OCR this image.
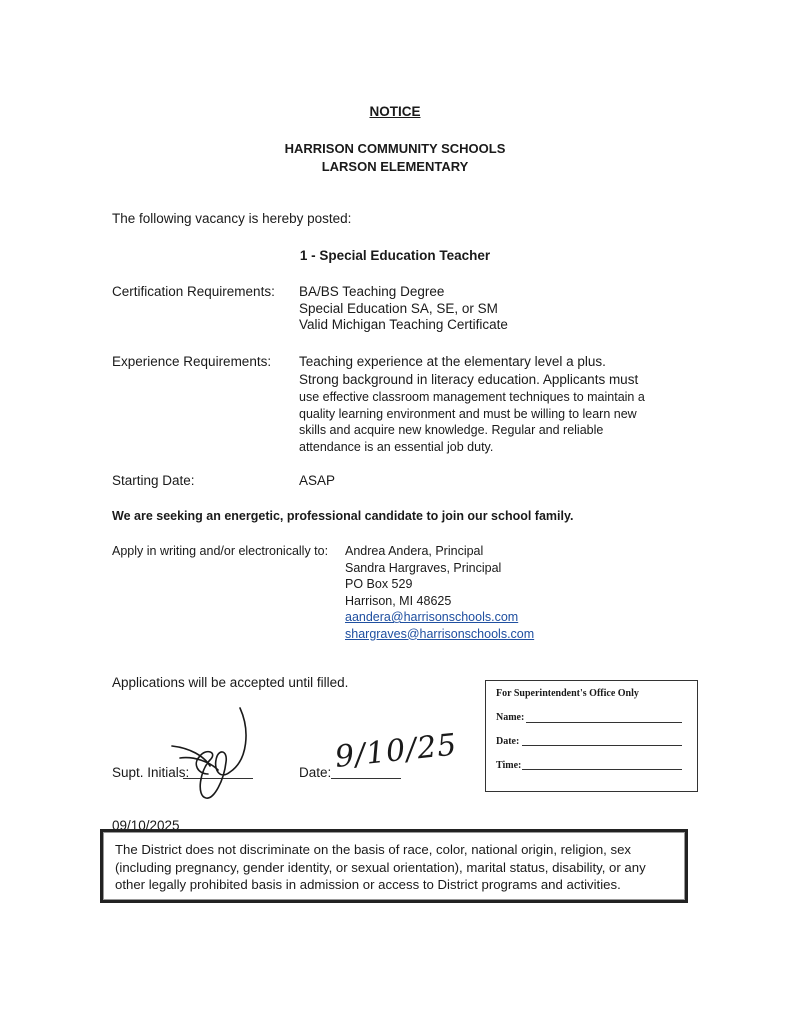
NOTICE
HARRISON COMMUNITY SCHOOLS
LARSON ELEMENTARY
The following vacancy is hereby posted:
1 - Special Education Teacher
Certification Requirements: BA/BS Teaching Degree
Special Education SA, SE, or SM
Valid Michigan Teaching Certificate
Experience Requirements: Teaching experience at the elementary level a plus.
Strong background in literacy education. Applicants must
use effective classroom management techniques to maintain a
quality learning environment and must be willing to learn new
skills and acquire new knowledge. Regular and reliable
attendance is an essential job duty.
Starting Date:	ASAP
We are seeking an energetic, professional candidate to join our school family.
Apply in writing and/or electronically to: Andrea Andera, Principal
Sandra Hargraves, Principal
PO Box 529
Harrison, MI 48625
aandera@harrisonschools.com
shargraves@harrisonschools.com
Applications will be accepted until filled.
Supt. Initials:	Date: 9/10/25
For Superintendent's Office Only
Name:
Date:
Time:
09/10/2025
The District does not discriminate on the basis of race, color, national origin, religion, sex (including pregnancy, gender identity, or sexual orientation), marital status, disability, or any other legally prohibited basis in admission or access to District programs and activities.
